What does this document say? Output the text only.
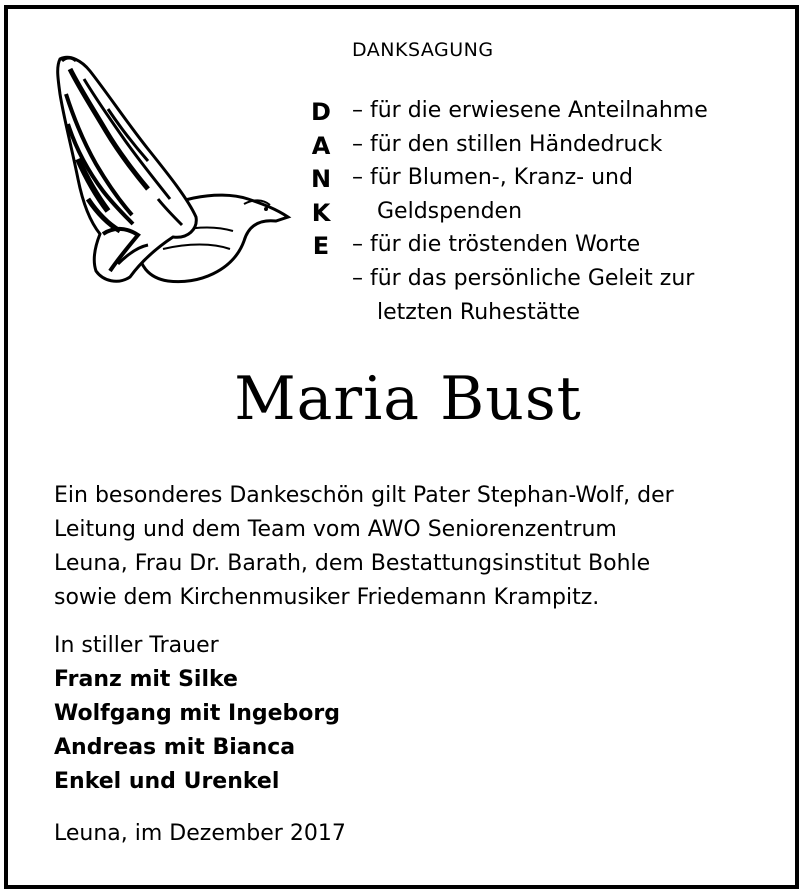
DANKSAGUNG
D
A
N
K
E
– für die erwiesene Anteilnahme
– für den stillen Händedruck
– für Blumen-, Kranz- und
Geldspenden
– für die tröstenden Worte
– für das persönliche Geleit zur
letzten Ruhestätte
Maria Bust
Ein besonderes Dankeschön gilt Pater Stephan-Wolf, der
Leitung und dem Team vom AWO Seniorenzentrum
Leuna, Frau Dr. Barath, dem Bestattungsinstitut Bohle
sowie dem Kirchenmusiker Friedemann Krampitz.
In stiller Trauer
Franz mit Silke
Wolfgang mit Ingeborg
Andreas mit Bianca
Enkel und Urenkel
Leuna, im Dezember 2017
